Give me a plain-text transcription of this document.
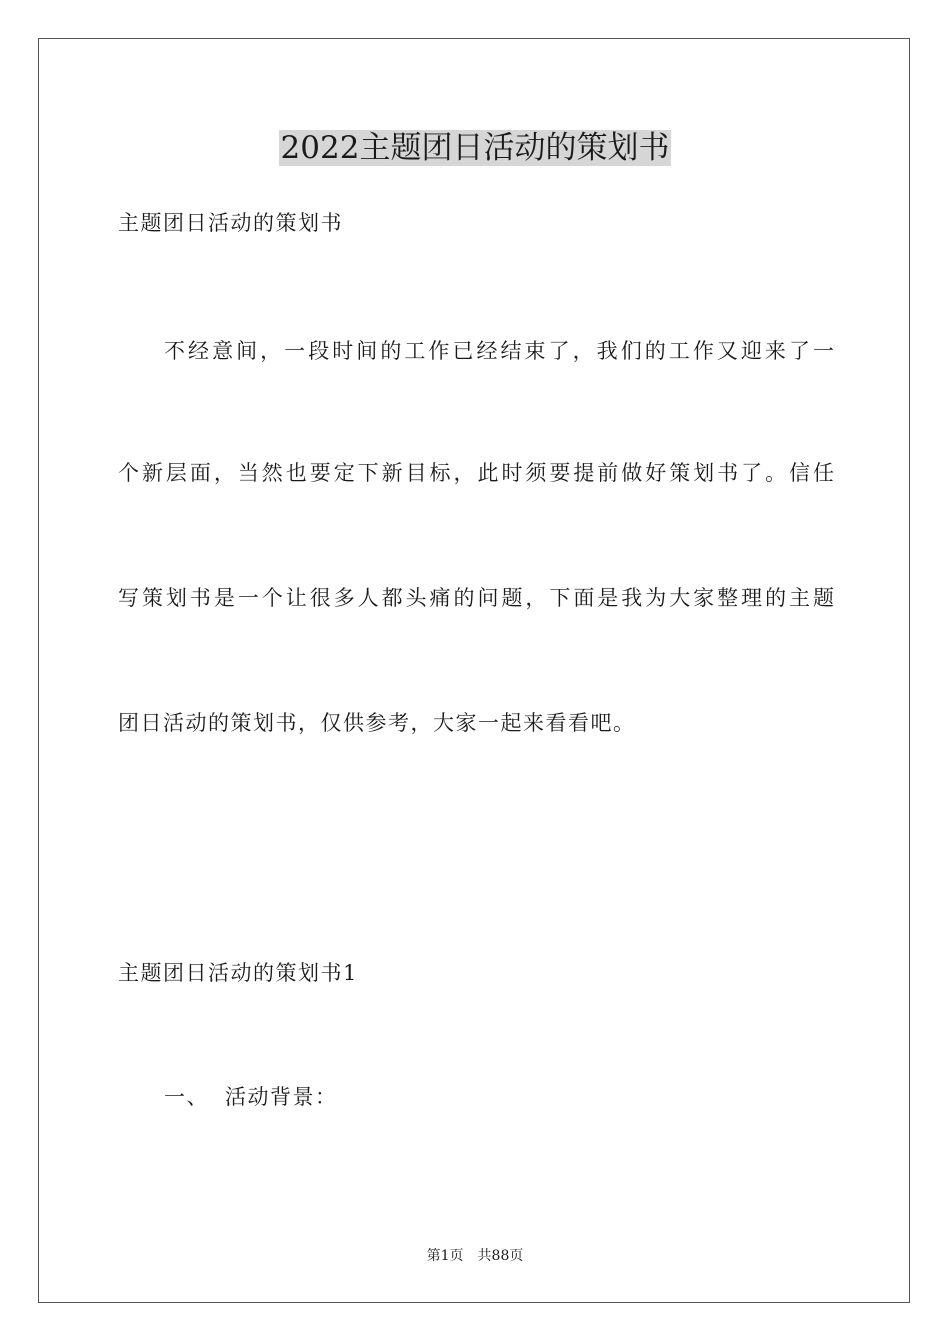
2022主题团日活动的策划书

主题团日活动的策划书

不经意间，一段时间的工作已经结束了，我们的工作又迎来了一

个新层面，当然也要定下新目标，此时须要提前做好策划书了。信任

写策划书是一个让很多人都头痛的问题，下面是我为大家整理的主题

团日活动的策划书，仅供参考，大家一起来看看吧。

主题团日活动的策划书1

一、 活动背景：

第1页 共88页
